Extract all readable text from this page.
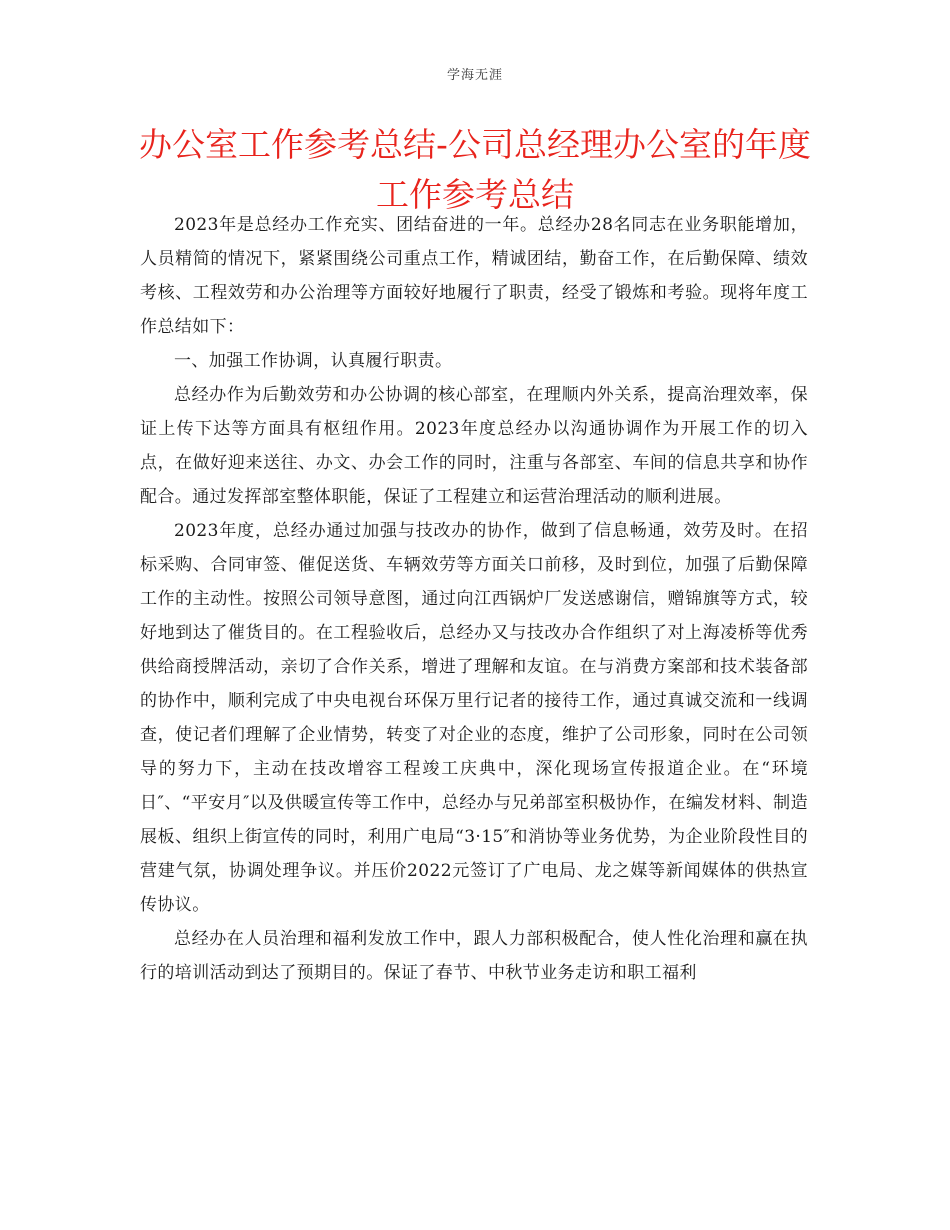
学海无涯
办公室工作参考总结-公司总经理办公室的年度工作参考总结

2023年是总经办工作充实、团结奋进的一年。总经办28名同志在业务职能增加，人员精简的情况下，紧紧围绕公司重点工作，精诚团结，勤奋工作，在后勤保障、绩效考核、工程效劳和办公治理等方面较好地履行了职责，经受了锻炼和考验。现将年度工作总结如下：

一、加强工作协调，认真履行职责。

总经办作为后勤效劳和办公协调的核心部室，在理顺内外关系，提高治理效率，保证上传下达等方面具有枢纽作用。2023年度总经办以沟通协调作为开展工作的切入点，在做好迎来送往、办文、办会工作的同时，注重与各部室、车间的信息共享和协作配合。通过发挥部室整体职能，保证了工程建立和运营治理活动的顺利进展。

2023年度，总经办通过加强与技改办的协作，做到了信息畅通，效劳及时。在招标采购、合同审签、催促送货、车辆效劳等方面关口前移，及时到位，加强了后勤保障工作的主动性。按照公司领导意图，通过向江西锅炉厂发送感谢信，赠锦旗等方式，较好地到达了催货目的。在工程验收后，总经办又与技改办合作组织了对上海凌桥等优秀供给商授牌活动，亲切了合作关系，增进了理解和友谊。在与消费方案部和技术装备部的协作中，顺利完成了中央电视台环保万里行记者的接待工作，通过真诚交流和一线调查，使记者们理解了企业情势，转变了对企业的态度，维护了公司形象，同时在公司领导的努力下，主动在技改增容工程竣工庆典中，深化现场宣传报道企业。在“环境日″、“平安月″以及供暖宣传等工作中，总经办与兄弟部室积极协作，在编发材料、制造展板、组织上街宣传的同时，利用广电局“3·15″和消协等业务优势，为企业阶段性目的营建气氛，协调处理争议。并压价2022元签订了广电局、龙之媒等新闻媒体的供热宣传协议。

总经办在人员治理和福利发放工作中，跟人力部积极配合，使人性化治理和赢在执行的培训活动到达了预期目的。保证了春节、中秋节业务走访和职工福利
